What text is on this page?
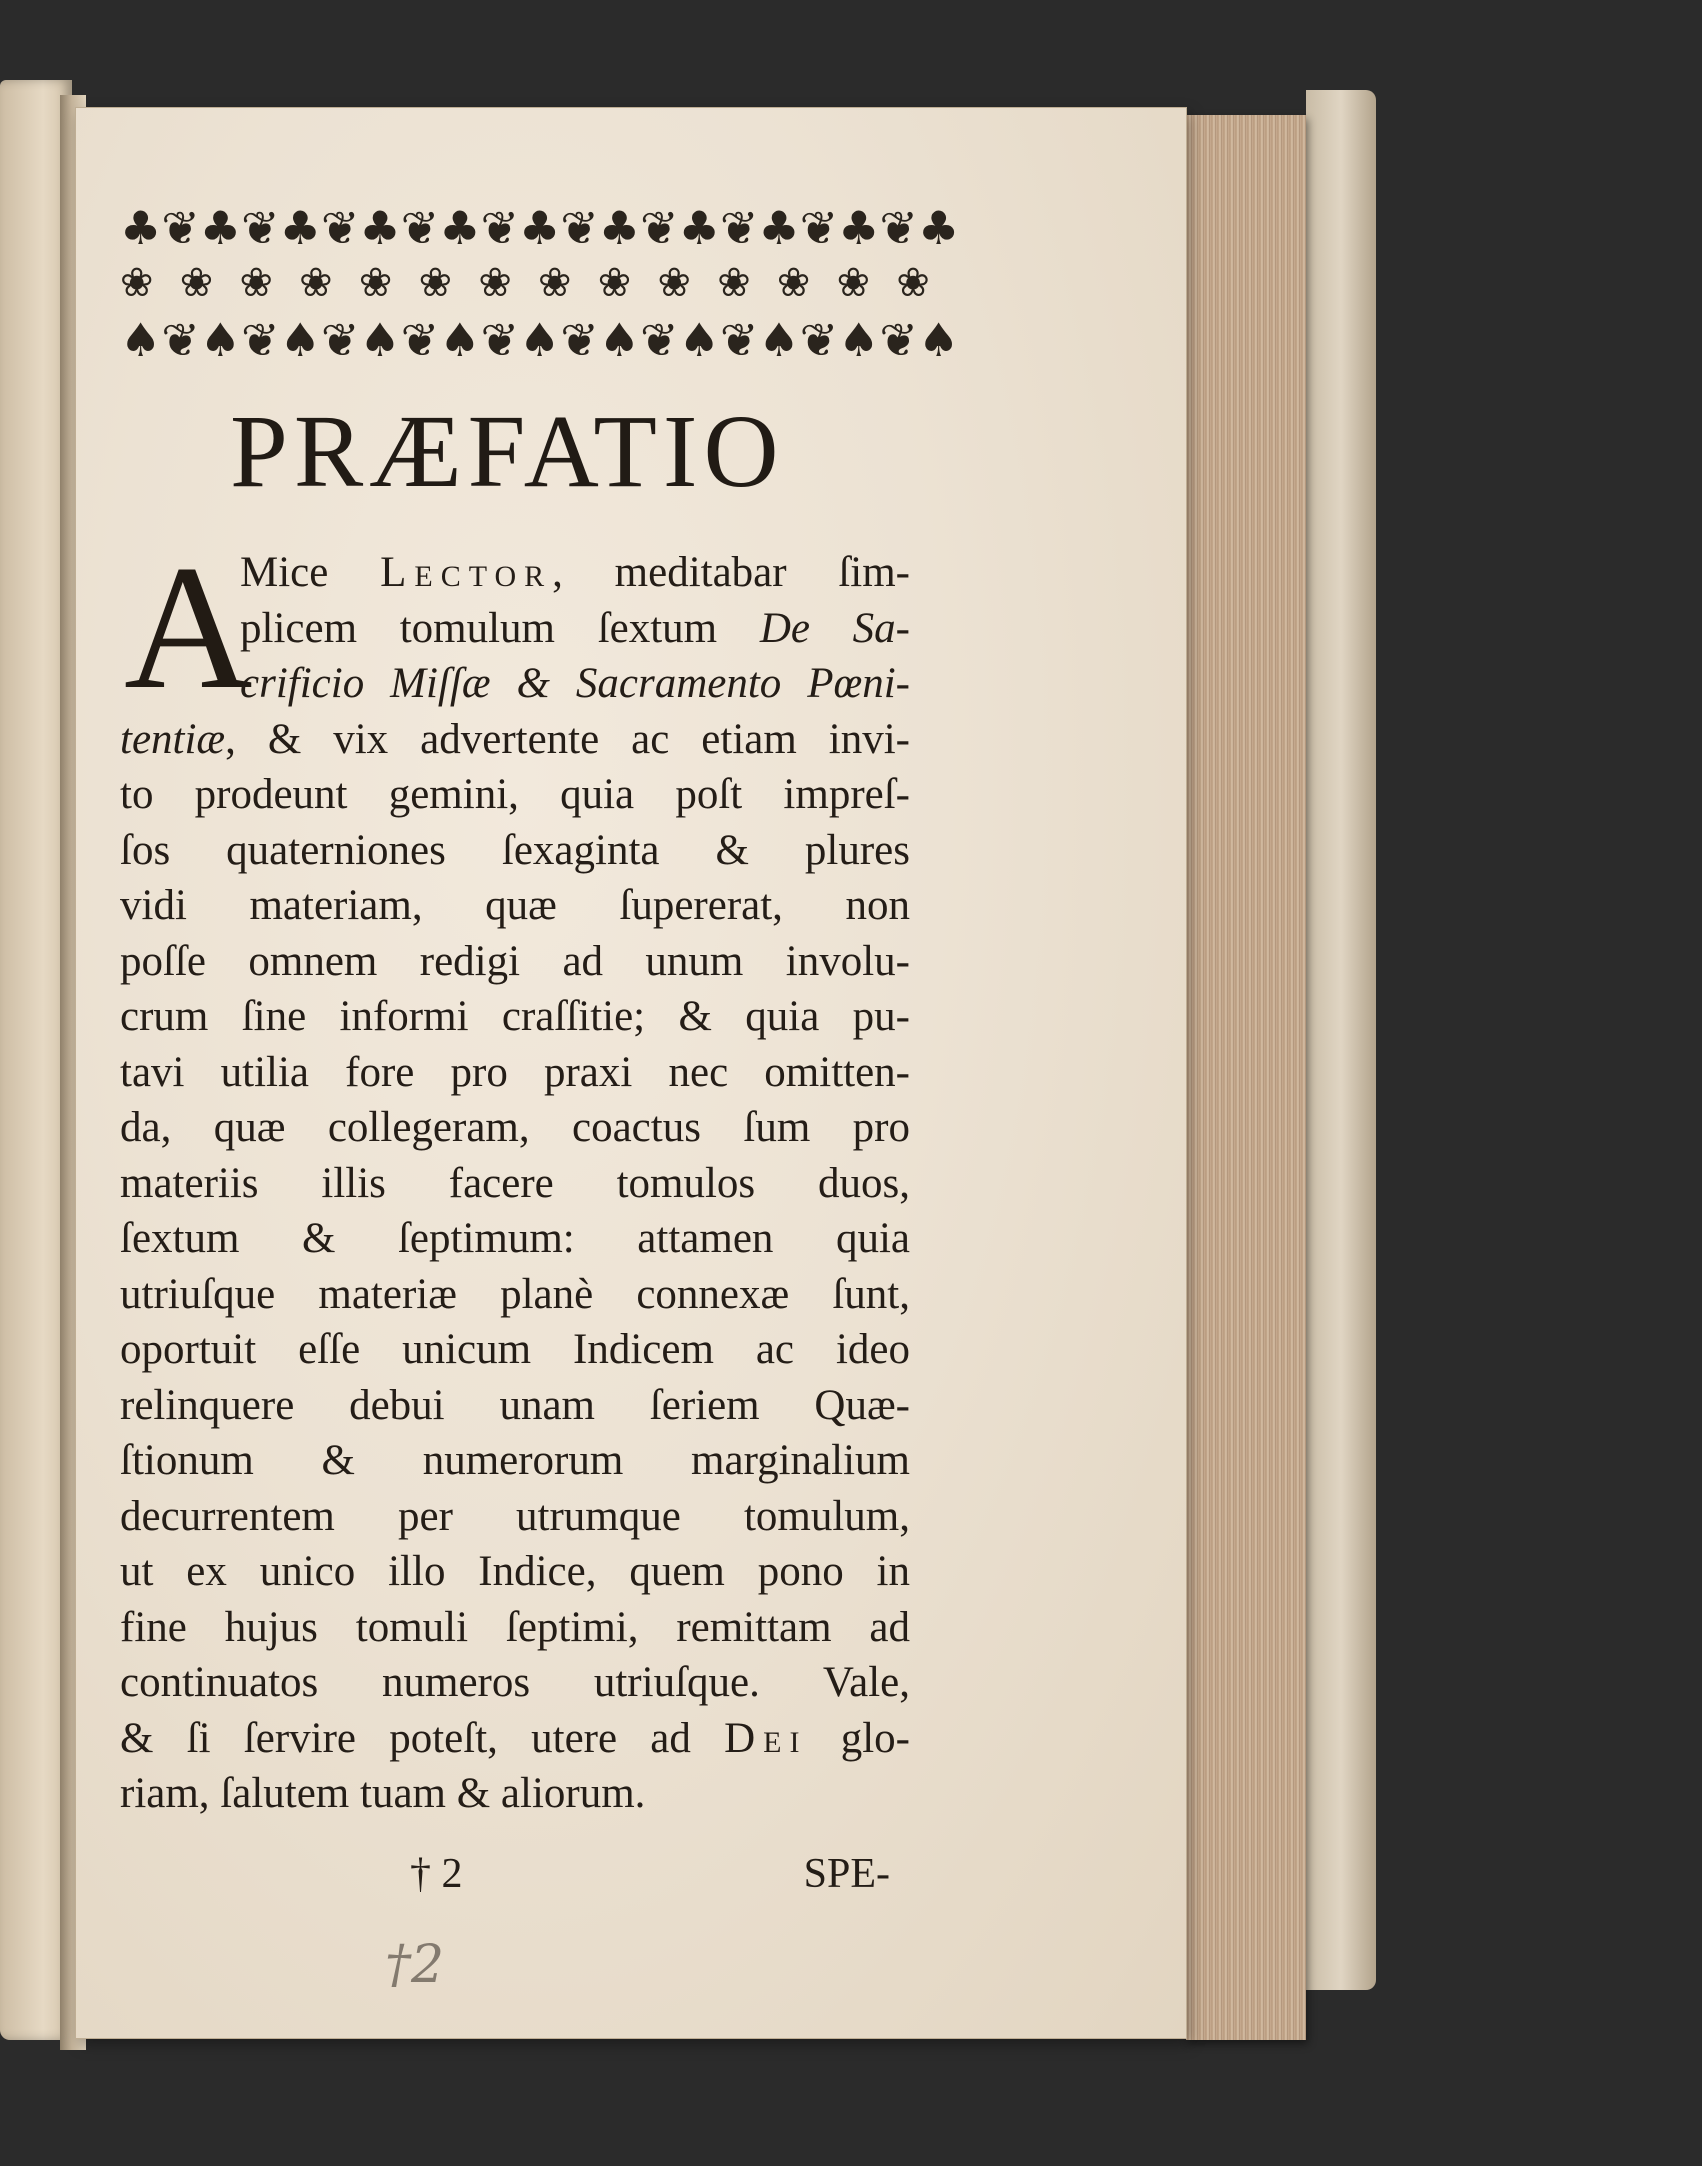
♣ ❦ ♣ ❦ ♣ ❦ ♣ ❦ ♣ ❦ ♣ ❦ ♣ ❦ ♣ ❦ ♣ ❦ ♣ ❦ ♣
❀ ❀ ❀ ❀ ❀ ❀ ❀ ❀ ❀ ❀ ❀ ❀ ❀ ❀
♠ ❦ ♠ ❦ ♠ ❦ ♠ ❦ ♠ ❦ ♠ ❦ ♠ ❦ ♠ ❦ ♠ ❦ ♠ ❦ ♠
PRÆFATIO
A
Mice Lector, meditabar ſim-
plicem tomulum ſextum De Sa-
crificio Miſſæ & Sacramento Pœni-
tentiæ, & vix advertente ac etiam invi-
to prodeunt gemini, quia poſt impreſ-
ſos quaterniones ſexaginta & plures
vidi materiam, quæ ſupererat, non
poſſe omnem redigi ad unum involu-
crum ſine informi craſſitie; & quia pu-
tavi utilia fore pro praxi nec omitten-
da, quæ collegeram, coactus ſum pro
materiis illis facere tomulos duos,
ſextum & ſeptimum: attamen quia
utriuſque materiæ planè connexæ ſunt,
oportuit eſſe unicum Indicem ac ideo
relinquere debui unam ſeriem Quæ-
ſtionum & numerorum marginalium
decurrentem per utrumque tomulum,
ut ex unico illo Indice, quem pono in
fine hujus tomuli ſeptimi, remittam ad
continuatos numeros utriuſque. Vale,
& ſi ſervire poteſt, utere ad Dei glo-
riam, ſalutem tuam & aliorum.
† 2	SPE-
†2
